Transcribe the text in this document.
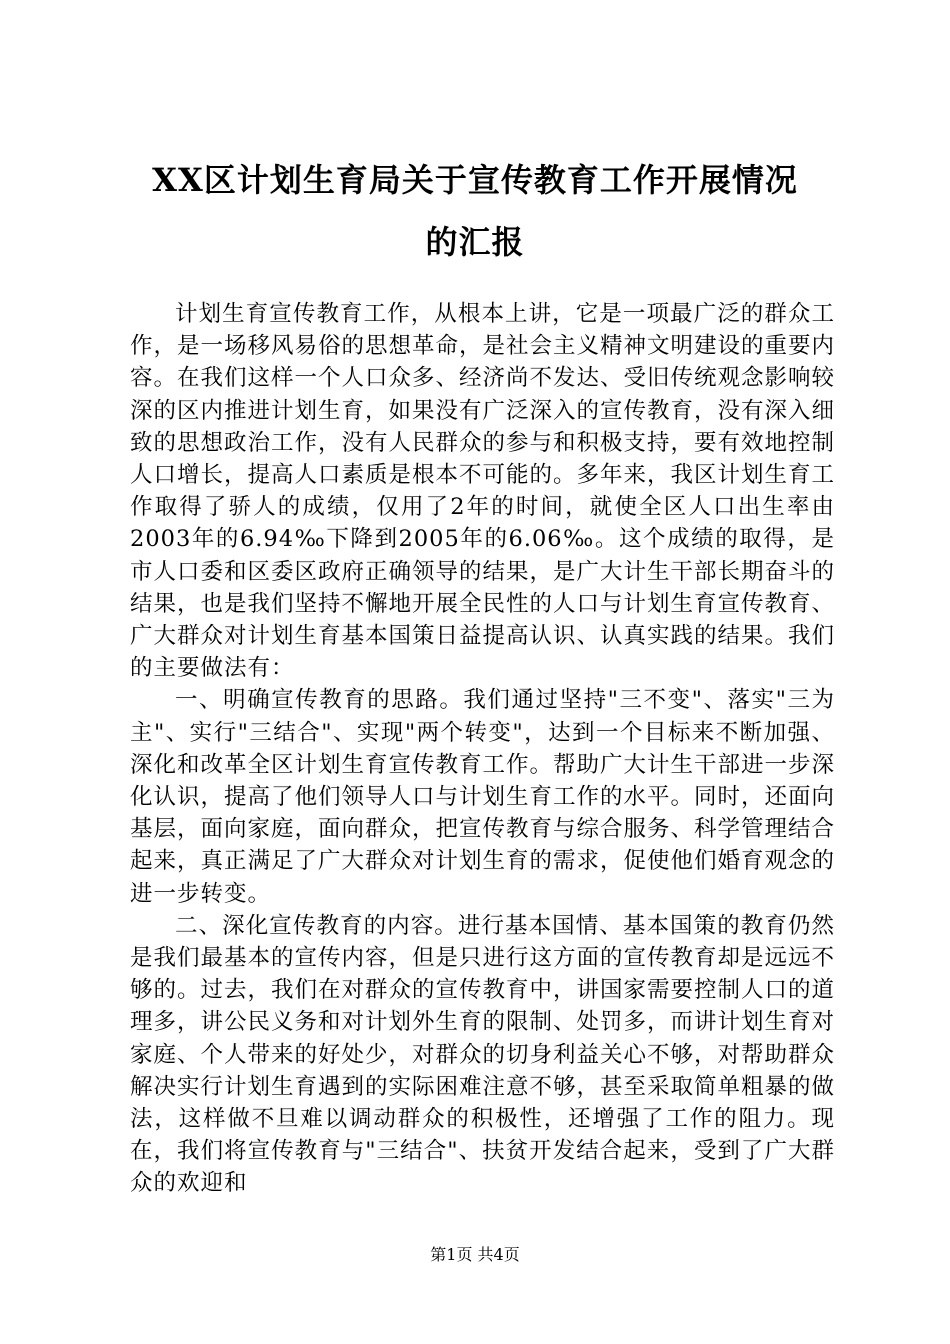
XX区计划生育局关于宣传教育工作开展情况
的汇报

计划生育宣传教育工作，从根本上讲，它是一项最广泛的群众工作，是一场移风易俗的思想革命，是社会主义精神文明建设的重要内容。在我们这样一个人口众多、经济尚不发达、受旧传统观念影响较深的区内推进计划生育，如果没有广泛深入的宣传教育，没有深入细致的思想政治工作，没有人民群众的参与和积极支持，要有效地控制人口增长，提高人口素质是根本不可能的。多年来，我区计划生育工作取得了骄人的成绩，仅用了2年的时间，就使全区人口出生率由2003年的6.94‰下降到2005年的6.06‰。这个成绩的取得，是市人口委和区委区政府正确领导的结果，是广大计生干部长期奋斗的结果，也是我们坚持不懈地开展全民性的人口与计划生育宣传教育、广大群众对计划生育基本国策日益提高认识、认真实践的结果。我们的主要做法有：

一、明确宣传教育的思路。我们通过坚持"三不变"、落实"三为主"、实行"三结合"、实现"两个转变"，达到一个目标来不断加强、深化和改革全区计划生育宣传教育工作。帮助广大计生干部进一步深化认识，提高了他们领导人口与计划生育工作的水平。同时，还面向基层，面向家庭，面向群众，把宣传教育与综合服务、科学管理结合起来，真正满足了广大群众对计划生育的需求，促使他们婚育观念的进一步转变。

二、深化宣传教育的内容。进行基本国情、基本国策的教育仍然是我们最基本的宣传内容，但是只进行这方面的宣传教育却是远远不够的。过去，我们在对群众的宣传教育中，讲国家需要控制人口的道理多，讲公民义务和对计划外生育的限制、处罚多，而讲计划生育对家庭、个人带来的好处少，对群众的切身利益关心不够，对帮助群众解决实行计划生育遇到的实际困难注意不够，甚至采取简单粗暴的做法，这样做不旦难以调动群众的积极性，还增强了工作的阻力。现在，我们将宣传教育与"三结合"、扶贫开发结合起来，受到了广大群众的欢迎和

第1页 共4页
